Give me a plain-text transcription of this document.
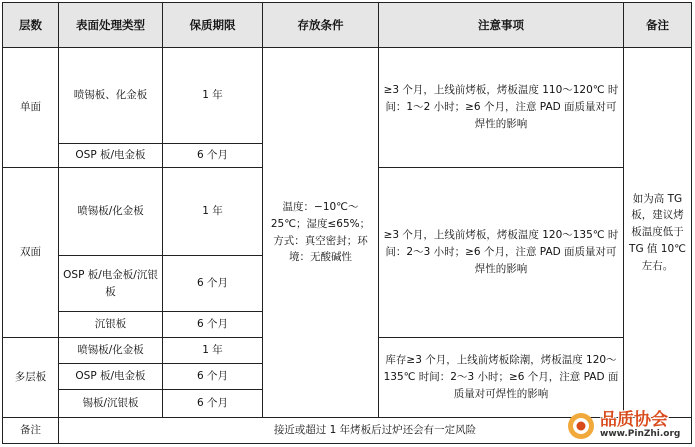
层数	表面处理类型	保质期限	存放条件	注意事项	备注
单面	喷锡板、化金板	1 年	温度：−10℃～25℃；湿度≤65%；方式：真空密封；环境：无酸碱性	≥3 个月，上线前烤板，烤板温度 110～120℃ 时间：1～2 小时；≥6 个月，注意 PAD 面质量对可焊性的影响	如为高 TG 板，建议烤板温度低于 TG 值 10℃左右。
	OSP 板/电金板	6 个月			
双面	喷锡板/化金板	1 年		≥3 个月，上线前烤板，烤板温度 120～135℃ 时间：2～3 小时；≥6 个月，注意 PAD 面质量对可焊性的影响	
	OSP 板/电金板/沉银板	6 个月			
	沉银板	6 个月			
多层板	喷锡板/化金板	1 年		库存≥3 个月，上线前烤板除潮，烤板温度 120～135℃ 时间：2～3 小时；≥6 个月，注意 PAD 面质量对可焊性的影响	
	OSP 板/电金板	6 个月			
	锡板/沉银板	6 个月			
备注	接近或超过 1 年烤板后过炉还会有一定风险					品质协会
www.PinZhi.org
